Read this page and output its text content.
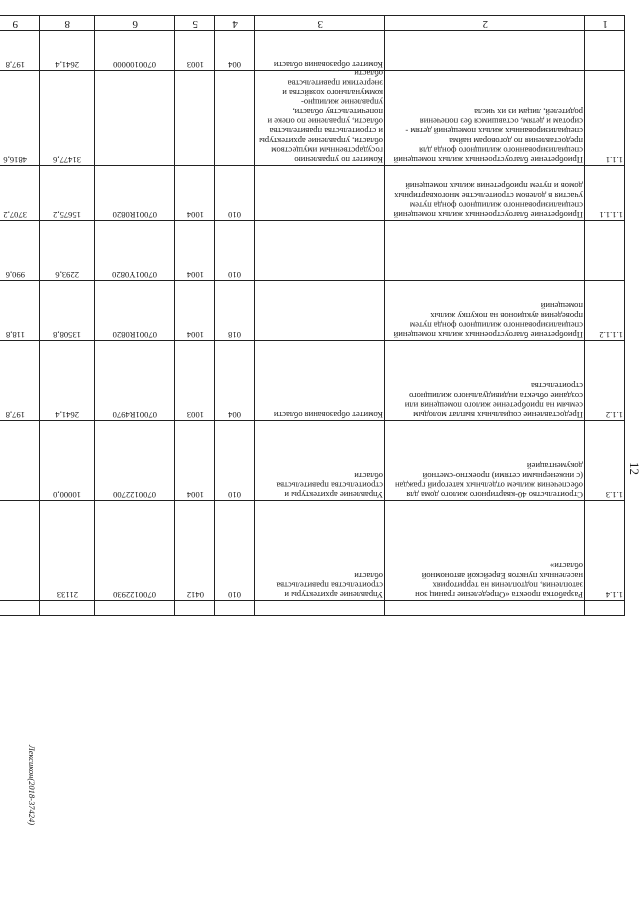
12
Лексикон(2018-37424)
1
2
3
4
5
6
8
9
Комитет образования области
004
1003
0700100000
2641,4
197,8
1.1.1
Приобретение благоустроенных жилых помещений специализированного жилищного фонда для предоставления по договорам найма специализированных жилых помещений детям - сиротам и детям, оставшимся без попечения родителей, лицам из их числа
Комитет по управлению государственным имуществом области, управление архитектуры и строительства правительства области, управление по опеке и попечительству области, управление жилищно-коммунального хозяйства и энергетики правительства области
31477,6
4816,6
1.1.1.1
Приобретение благоустроенных жилых помещений специализированного жилищного фонда путем участия в долевом строительстве многоквартирных домов и путем приобретения жилых помещений
010
1004
07001R0820
15675,2
3707,2
010
1004
07001Y0820
2293,6
990,6
1.1.1.2
Приобретение благоустроенных жилых помещений специализированного жилищного фонда путем проведения аукционов на покупку жилых помещений
018
1004
07001R0820
13508,8
118,8
1.1.2
Предоставление социальных выплат молодым семьям на приобретение жилого помещения или создание объекта индивидуального жилищного строительства
Комитет образования области
004
1003
07001R4970
2641,4
197,8
1.1.3
Строительство 40-квартирного жилого дома для обеспечения жильем отдельных категорий граждан (с инженерными сетями) проектно-сметной документацией
Управление архитектуры и строительства правительства области
010
1004
0700122700
10000,0
1.1.4
Разработка проекта «Определение границ зон затопления, подтопления на территориях населенных пунктов Еврейской автономной области»
Управление архитектуры и строительства правительства области
010
0412
0700122930
21133
